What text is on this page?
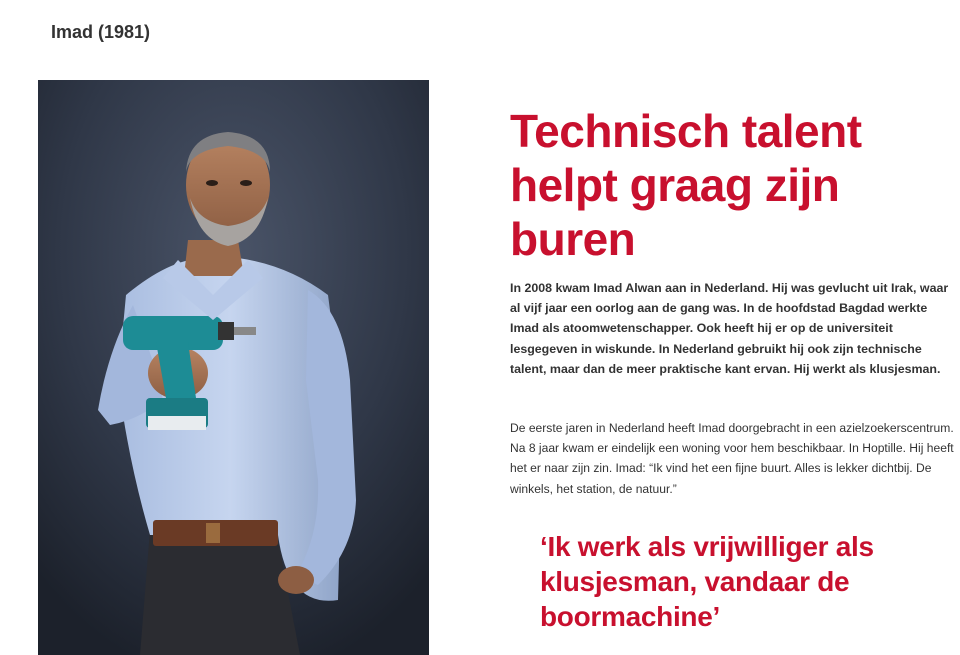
Imad (1981)
Technisch talent helpt graag zijn buren

In 2008 kwam Imad Alwan aan in Nederland. Hij was gevlucht uit Irak, waar al vijf jaar een oorlog aan de gang was. In de hoofdstad Bagdad werkte Imad als atoomwetenschapper. Ook heeft hij er op de universiteit lesgegeven in wiskunde. In Nederland gebruikt hij ook zijn technische talent, maar dan de meer praktische kant ervan. Hij werkt als klusjesman.

De eerste jaren in Nederland heeft Imad doorgebracht in een azielzoekerscentrum. Na 8 jaar kwam er eindelijk een woning voor hem beschikbaar. In Hoptille. Hij heeft het er naar zijn zin. Imad: “Ik vind het een fijne buurt. Alles is lekker dichtbij. De winkels, het station, de natuur.”

‘Ik werk als vrijwilliger als klusjesman, vandaar de boormachine’
